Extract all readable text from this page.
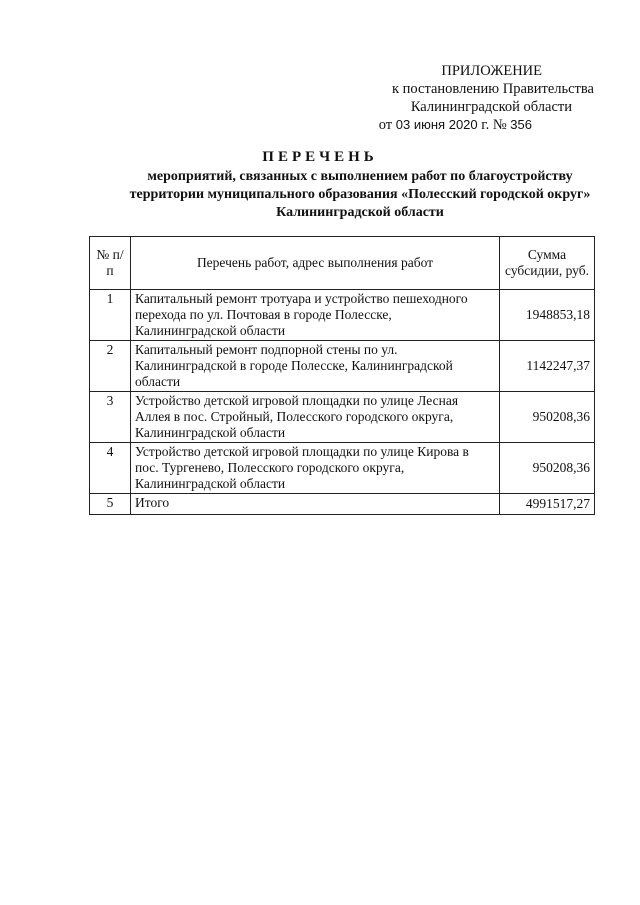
ПРИЛОЖЕНИЕ
к постановлению Правительства
Калининградской области
от 03 июня 2020 г. № 356
ПЕРЕЧЕНЬ
мероприятий, связанных с выполнением работ по благоустройству
территории муниципального образования «Полесский городской округ»
Калининградской области
№ п/п	Перечень работ, адрес выполнения работ	Сумма субсидии, руб.
1	Капитальный ремонт тротуара и устройство пешеходного перехода по ул. Почтовая в городе Полесске, Калининградской области	1948853,18
2	Капитальный ремонт подпорной стены по ул. Калининградской в городе Полесске, Калининградской области	1142247,37
3	Устройство детской игровой площадки по улице Лесная Аллея в пос. Стройный, Полесского городского округа, Калининградской области	950208,36
4	Устройство детской игровой площадки по улице Кирова в пос. Тургенево, Полесского городского округа, Калининградской области	950208,36
5	Итого	4991517,27
